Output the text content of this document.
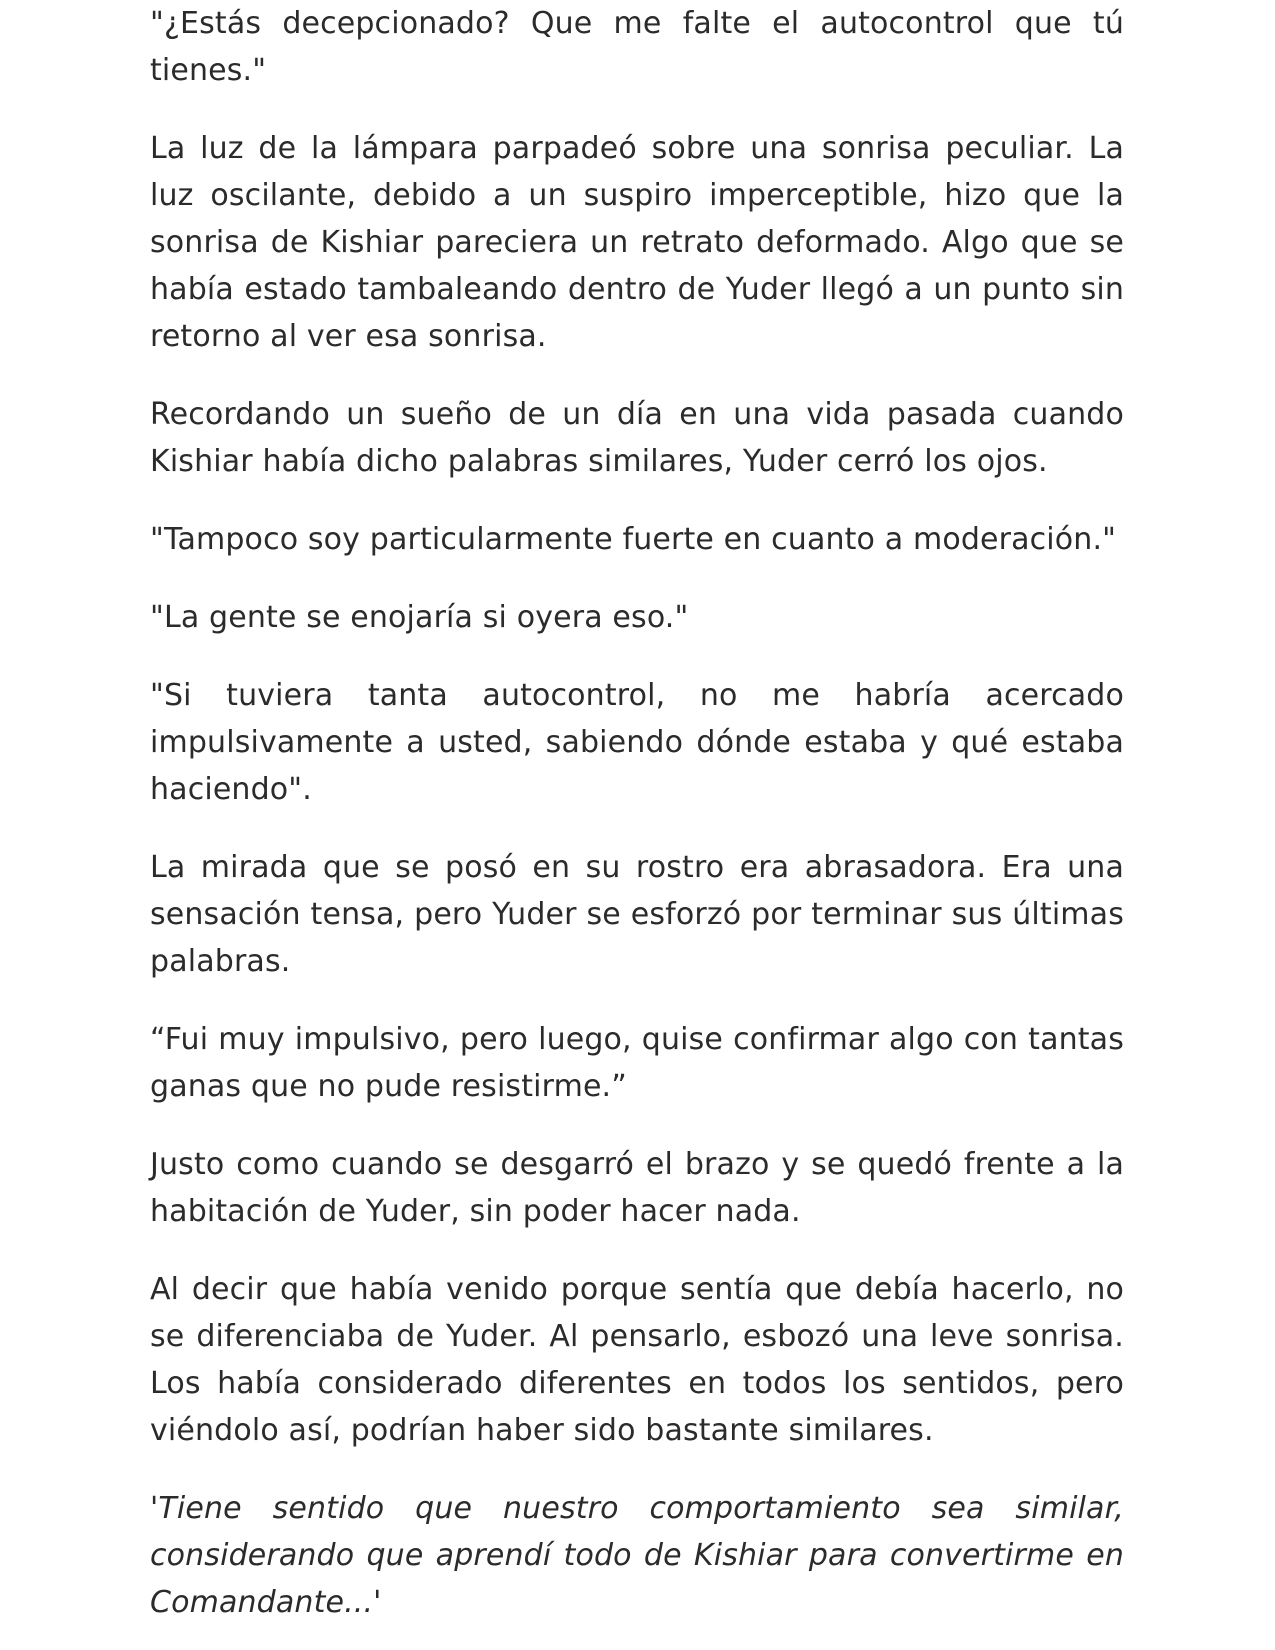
"¿Estás decepcionado? Que me falte el autocontrol que tú tienes."

La luz de la lámpara parpadeó sobre una sonrisa peculiar. La luz oscilante, debido a un suspiro imperceptible, hizo que la sonrisa de Kishiar pareciera un retrato deformado. Algo que se había estado tambaleando dentro de Yuder llegó a un punto sin retorno al ver esa sonrisa.

Recordando un sueño de un día en una vida pasada cuando Kishiar había dicho palabras similares, Yuder cerró los ojos.

"Tampoco soy particularmente fuerte en cuanto a moderación."

"La gente se enojaría si oyera eso."

"Si tuviera tanta autocontrol, no me habría acercado impulsivamente a usted, sabiendo dónde estaba y qué estaba haciendo".

La mirada que se posó en su rostro era abrasadora. Era una sensación tensa, pero Yuder se esforzó por terminar sus últimas palabras.

“Fui muy impulsivo, pero luego, quise confirmar algo con tantas ganas que no pude resistirme.”

Justo como cuando se desgarró el brazo y se quedó frente a la habitación de Yuder, sin poder hacer nada.

Al decir que había venido porque sentía que debía hacerlo, no se diferenciaba de Yuder. Al pensarlo, esbozó una leve sonrisa. Los había considerado diferentes en todos los sentidos, pero viéndolo así, podrían haber sido bastante similares.

'Tiene sentido que nuestro comportamiento sea similar, considerando que aprendí todo de Kishiar para convertirme en Comandante...'
